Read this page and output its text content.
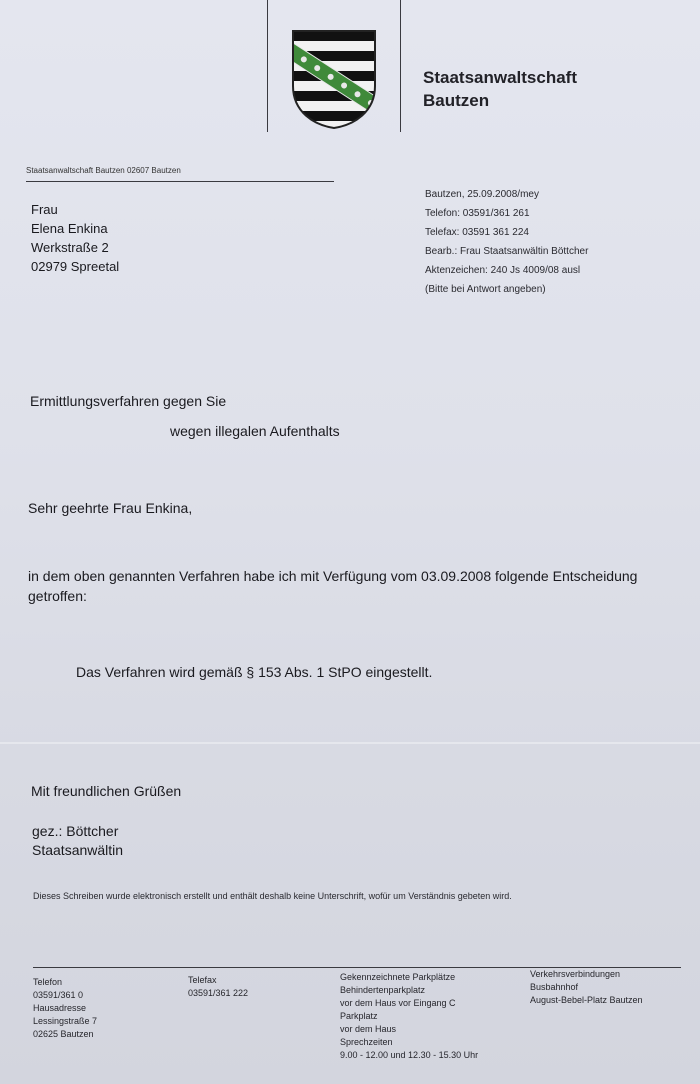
Staatsanwaltschaft
Bautzen
Staatsanwaltschaft Bautzen 02607 Bautzen
Frau
Elena Enkina
Werkstraße 2
02979 Spreetal
Bautzen, 25.09.2008/mey
Telefon: 03591/361 261
Telefax: 03591 361 224
Bearb.: Frau Staatsanwältin Böttcher
Aktenzeichen: 240 Js 4009/08 ausl
(Bitte bei Antwort angeben)
Ermittlungsverfahren gegen Sie
wegen illegalen Aufenthalts
Sehr geehrte Frau Enkina,
in dem oben genannten Verfahren habe ich mit Verfügung vom 03.09.2008 folgende Entscheidung getroffen:
Das Verfahren wird gemäß § 153 Abs. 1 StPO eingestellt.
Mit freundlichen Grüßen
gez.: Böttcher
Staatsanwältin
Dieses Schreiben wurde elektronisch erstellt und enthält deshalb keine Unterschrift, wofür um Verständnis gebeten wird.
Telefon
03591/361 0
Hausadresse
Lessingstraße 7
02625 Bautzen
Telefax
03591/361 222
Gekennzeichnete Parkplätze
Behindertenparkplatz
vor dem Haus vor Eingang C
Parkplatz
vor dem Haus
Sprechzeiten
9.00 - 12.00 und 12.30 - 15.30 Uhr
Verkehrsverbindungen
Busbahnhof
August-Bebel-Platz Bautzen
